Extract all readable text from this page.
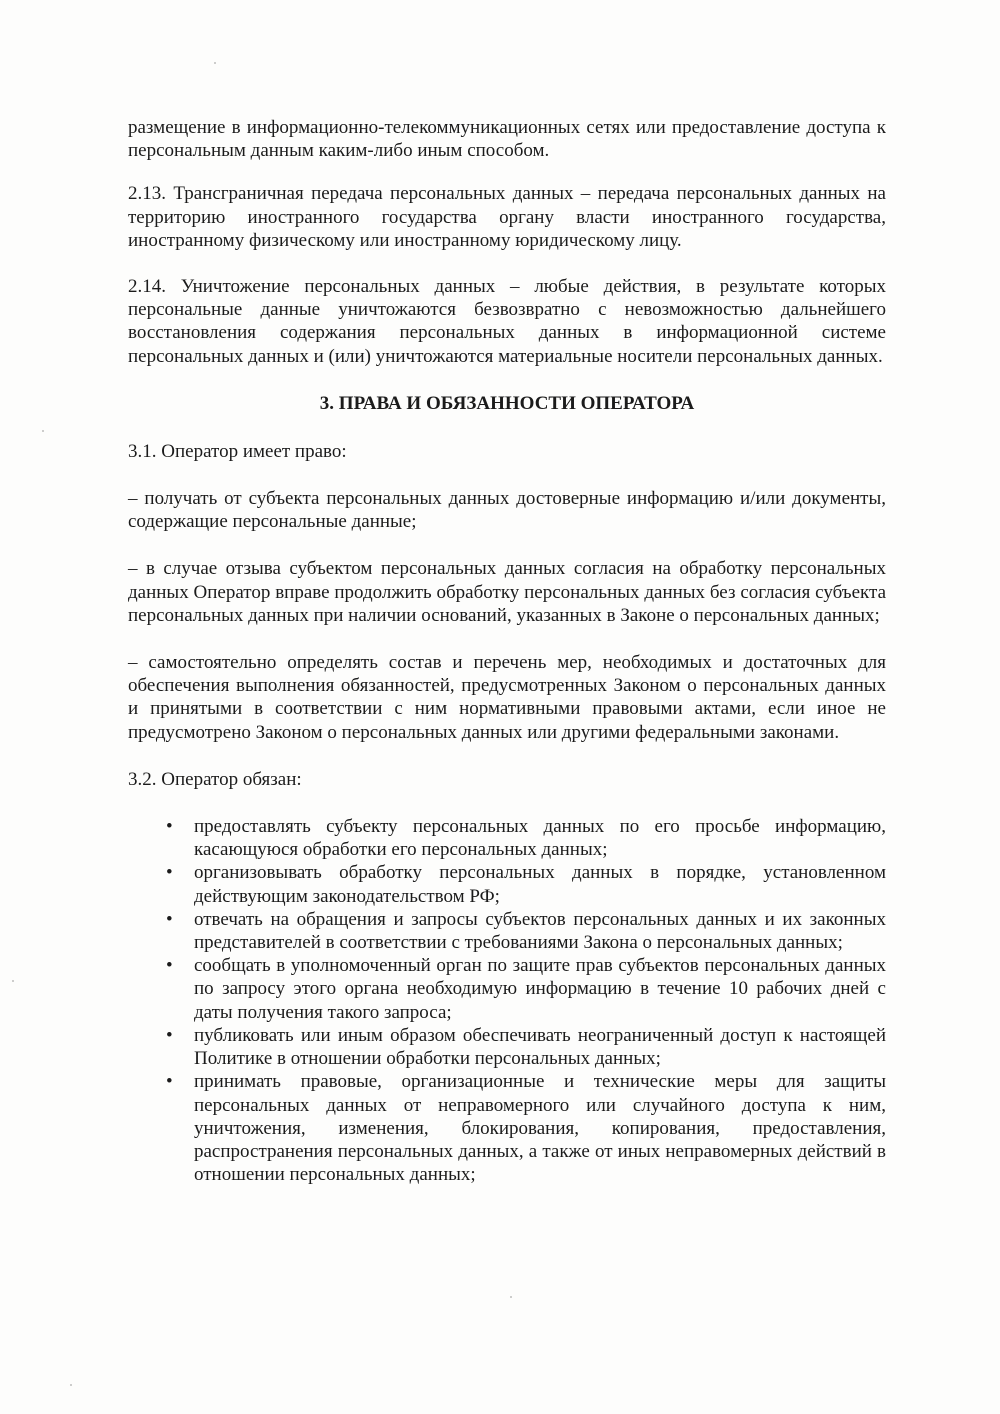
размещение в информационно-телекоммуникационных сетях или предоставление доступа к персональным данным каким-либо иным способом.

2.13. Трансграничная передача персональных данных – передача персональных данных на территорию иностранного государства органу власти иностранного государства, иностранному физическому или иностранному юридическому лицу.

2.14. Уничтожение персональных данных – любые действия, в результате которых персональные данные уничтожаются безвозвратно с невозможностью дальнейшего восстановления содержания персональных данных в информационной системе персональных данных и (или) уничтожаются материальные носители персональных данных.

3. ПРАВА И ОБЯЗАННОСТИ ОПЕРАТОРА

3.1. Оператор имеет право:

– получать от субъекта персональных данных достоверные информацию и/или документы, содержащие персональные данные;

– в случае отзыва субъектом персональных данных согласия на обработку персональных данных Оператор вправе продолжить обработку персональных данных без согласия субъекта персональных данных при наличии оснований, указанных в Законе о персональных данных;

– самостоятельно определять состав и перечень мер, необходимых и достаточных для обеспечения выполнения обязанностей, предусмотренных Законом о персональных данных и принятыми в соответствии с ним нормативными правовыми актами, если иное не предусмотрено Законом о персональных данных или другими федеральными законами.

3.2. Оператор обязан:

• предоставлять субъекту персональных данных по его просьбе информацию, касающуюся обработки его персональных данных;
• организовывать обработку персональных данных в порядке, установленном действующим законодательством РФ;
• отвечать на обращения и запросы субъектов персональных данных и их законных представителей в соответствии с требованиями Закона о персональных данных;
• сообщать в уполномоченный орган по защите прав субъектов персональных данных по запросу этого органа необходимую информацию в течение 10 рабочих дней с даты получения такого запроса;
• публиковать или иным образом обеспечивать неограниченный доступ к настоящей Политике в отношении обработки персональных данных;
• принимать правовые, организационные и технические меры для защиты персональных данных от неправомерного или случайного доступа к ним, уничтожения, изменения, блокирования, копирования, предоставления, распространения персональных данных, а также от иных неправомерных действий в отношении персональных данных;
